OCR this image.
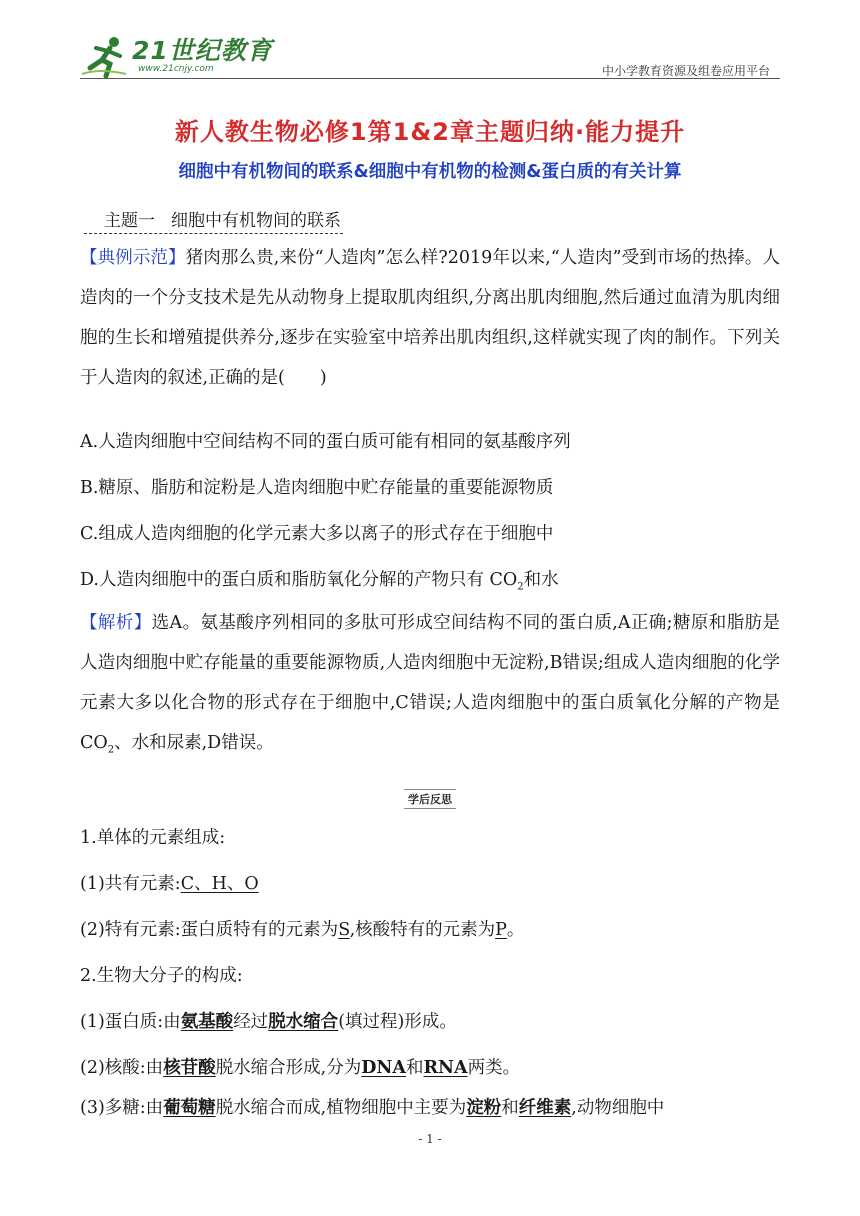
21世纪教育
www.21cnjy.com	中小学教育资源及组卷应用平台
新人教生物必修1第1&2章主题归纳·能力提升
细胞中有机物间的联系&细胞中有机物的检测&蛋白质的有关计算
主题一 细胞中有机物间的联系
【典例示范】猪肉那么贵,来份“人造肉”怎么样?2019年以来,“人造肉”受到市场的热捧。人造肉的一个分支技术是先从动物身上提取肌肉组织,分离出肌肉细胞,然后通过血清为肌肉细胞的生长和增殖提供养分,逐步在实验室中培养出肌肉组织,这样就实现了肉的制作。下列关于人造肉的叙述,正确的是(　　)
A.人造肉细胞中空间结构不同的蛋白质可能有相同的氨基酸序列
B.糖原、脂肪和淀粉是人造肉细胞中贮存能量的重要能源物质
C.组成人造肉细胞的化学元素大多以离子的形式存在于细胞中
D.人造肉细胞中的蛋白质和脂肪氧化分解的产物只有 $CO_2$和水
【解析】选A。氨基酸序列相同的多肽可形成空间结构不同的蛋白质,A正确;糖原和脂肪是人造肉细胞中贮存能量的重要能源物质,人造肉细胞中无淀粉,B错误;组成人造肉细胞的化学元素大多以化合物的形式存在于细胞中,C错误;人造肉细胞中的蛋白质氧化分解的产物是$CO_2$、水和尿素,D错误。
学后反思
1.单体的元素组成:
(1)共有元素:C、H、O
(2)特有元素:蛋白质特有的元素为S,核酸特有的元素为P。
2.生物大分子的构成:
(1)蛋白质:由氨基酸经过脱水缩合(填过程)形成。
(2)核酸:由核苷酸脱水缩合形成,分为DNA和RNA两类。
(3)多糖:由葡萄糖脱水缩合而成,植物细胞中主要为淀粉和纤维素,动物细胞中
- 1 -
